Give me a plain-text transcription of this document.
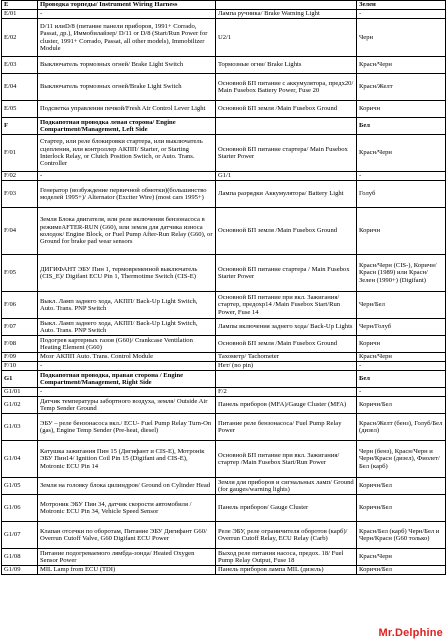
E	Проводка торпеды/ Instrument Wiring Harness		Зелен
E/01	-	Лампа ручника/ Brake Warning Light	-
E/02	D/11 илиD/8 (питание панели приборов, 1991+ Corrado, Passat, др.), Иммобилайзер/ D/11 or D/8 (Start/Run Power for cluster, 1991+ Corrado, Passat, all other models), Immobilizer Module	U2/1	Черн
E/03	Выключатель тормозных огней/ Brake Light Switch	Тормозные огни/ Brake Lights	Красн/Черн
E/04	Выключатель тормозных огней/Brake Light Switch	Основной БП питание с аккумулятора, предх20/ Main Fusebox Battery Power, Fuse 20	Красн/Желт
E/05	Подсветка управления печкой/Fresh Air Control Lever Light	Основной БП земля /Main Fusebox Ground	Коричн
F	Подкапотная проводка левая сторона/ Engine Compartment/Management, Left Side		Бел
F/01	Стартер, или реле блокировки стартера, или выключатель сцепления, или контроллер АКПП/ Starter, or Starting Interlock Relay, or Clutch Position Switch, or Auto. Trans. Controller	Основной БП питание стартера/ Main Fusebox Starter Power	Красн/Черн
F/02	-	G1/1	-
F/03	Генератор (возбуждение первичной обмотки)(большинство моделей 1995+)/ Alternator (Exciter Wire) (most cars 1995+)	Лампа разрядки Аккумулятора/ Battery Light	Голуб
F/04	Земля Блока двигателя, или реле включения бензонасоса в режимеAFTER-RUN (G60), или земля для датчика износа колодок/ Engine Block, or Fuel Pump After-Run Relay (G60), or Ground for brake pad wear sensors	Основной БП земля /Main Fusebox Ground	Коричн
F/05	ДИГИФАНТ ЭБУ Пин 1, термовременной выключатель (CIS_E)/ Digifant ECU Pin 1, Thermotime Switch (CIS-E)	Основной БП питание стартера / Main Fusebox Starter Power	Красн/Черн (CIS-), Коричн/Красн (1989) или Красн/Зелен (1990+) (Digifant)
F/06	Выкл. Ламп заднего хода, АКПП/ Back-Up Light Switch, Auto. Trans. PNP Switch	Основной БП питание при вкл. Зажигания/стартер, предохр14 /Main Fusebox Start/Run Power, Fuse 14	Черн/Бел
F/07	Выкл. Ламп заднего хода, АКПП/ Back-Up Light Switch, Auto. Trans. PNP Switch	Лампы включения заднего хода/ Back-Up Lights	Черн/Голуб
F/08	Подогрев картерных газов (G60)/ Crankcase Ventilation Heating Element (G60)	Основной БП земля /Main Fusebox Ground	Коричн
F/09	Мозг АКПП Auto. Trans. Control Module	Тахометр/ Tachometer	Красн/Черн
F/10	-	Нет/ (no pin)	-
G1	Подкапотная проводка, правая сторона / Engine Compartment/Management, Right Side		Бел
G1/01	-	F/2	-
G1/02	Датчик температуры забортного воздуха, земля/ Outside Air Temp Sender Ground	Панель приборов (MFA)/Gauge Cluster (MFA)	Коричн/Бел
G1/03	ЭБУ – реле бензонасоса вкл./ ECU- Fuel Pump Relay Turn-On (gas), Engine Temp Sender (Pre-heat, diesel)	Питание реле бензонасоса/ Fuel Pump Relay Power	Красн/Желт (бенз), Голуб/Бел (дизел)
G1/04	Катушка зажигания Пин 15 (Дигифант и CIS-E), Мотронік ЭБУ Пин14/ Ignition Coil Pin 15 (Digifant and CIS-E), Motronic ECU Pin 14	Основной БП питание при вкл. Зажигания/стартер /Main Fusebox Start/Run Power	Черн (бенз), Красн/Черн и Черн/Красн (дизел), Фиолет/Бел (карб)
G1/05	Земля на головку блока цилиндров/ Ground on Cylinder Head	Земля для приборов и сигнальных ламп/ Ground (for gauges/warning lights)	Коричн/Бел
G1/06	Мотроник ЭБУ Пин 34, датчик скорости автомобиля / Motronic ECU Pin 34, Vehicle Speed Sensor	Панель приборов/ Gauge Cluster	Коричн/Бел
G1/07	Клапан отсечки по оборотам, Питание ЭБУ Дигифант G60/ Overrun Cutoff Valve, G60 Digifant ECU Power	Реле ЭБУ, реле ограничителя оборотов (карб)/ Overrun Cutoff Relay, ECU Relay (Carb)	Красн/Бел (карб) Черн/Бел и Черн/Красн (G60 только)
G1/08	Питание подогреваемого лямбда-зонда/ Heated Oxygen Sensor Power	Выход реле питания насоса, предох. 18/ Fuel Pump Relay Output, Fuse 18	Красн/Черн
G1/09	MIL Lamp from ECU (TDI)	Панель приборов лампа MIL (дизель)	Коричн/Бел
Mr.Delphine
